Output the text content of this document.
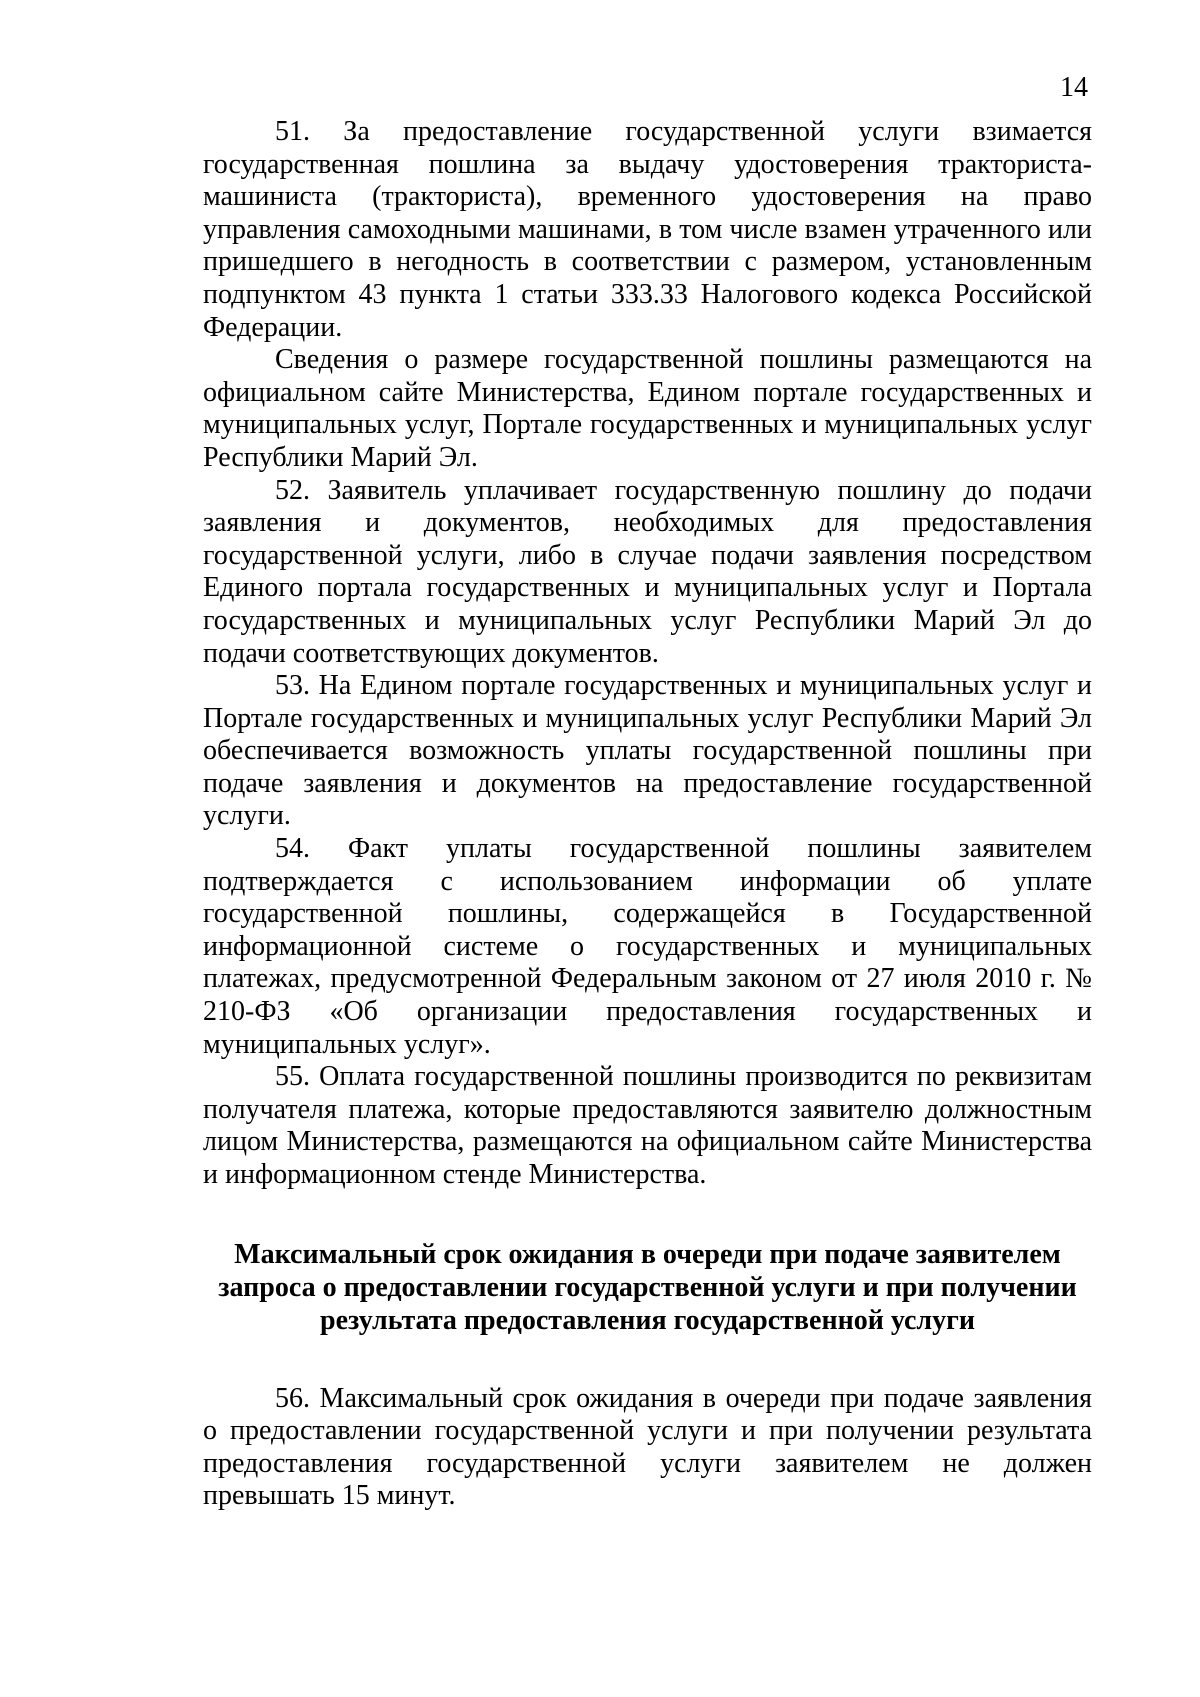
14

51. За предоставление государственной услуги взимается государственная пошлина за выдачу удостоверения тракториста-машиниста (тракториста), временного удостоверения на право управления самоходными машинами, в том числе взамен утраченного или пришедшего в негодность в соответствии с размером, установленным подпунктом 43 пункта 1 статьи 333.33 Налогового кодекса Российской Федерации.

Сведения о размере государственной пошлины размещаются на официальном сайте Министерства, Едином портале государственных и муниципальных услуг, Портале государственных и муниципальных услуг Республики Марий Эл.

52. Заявитель уплачивает государственную пошлину до подачи заявления и документов, необходимых для предоставления государственной услуги, либо в случае подачи заявления посредством Единого портала государственных и муниципальных услуг и Портала государственных и муниципальных услуг Республики Марий Эл до подачи соответствующих документов.

53. На Едином портале государственных и муниципальных услуг и Портале государственных и муниципальных услуг Республики Марий Эл обеспечивается возможность уплаты государственной пошлины при подаче заявления и документов на предоставление государственной услуги.

54. Факт уплаты государственной пошлины заявителем подтверждается с использованием информации об уплате государственной пошлины, содержащейся в Государственной информационной системе о государственных и муниципальных платежах, предусмотренной Федеральным законом от 27 июля 2010 г. № 210-ФЗ «Об организации предоставления государственных и муниципальных услуг».

55. Оплата государственной пошлины производится по реквизитам получателя платежа, которые предоставляются заявителю должностным лицом Министерства, размещаются на официальном сайте Министерства и информационном стенде Министерства.

Максимальный срок ожидания в очереди при подаче заявителем запроса о предоставлении государственной услуги и при получении результата предоставления государственной услуги

56. Максимальный срок ожидания в очереди при подаче заявления о предоставлении государственной услуги и при получении результата предоставления государственной услуги заявителем не должен превышать 15 минут.
